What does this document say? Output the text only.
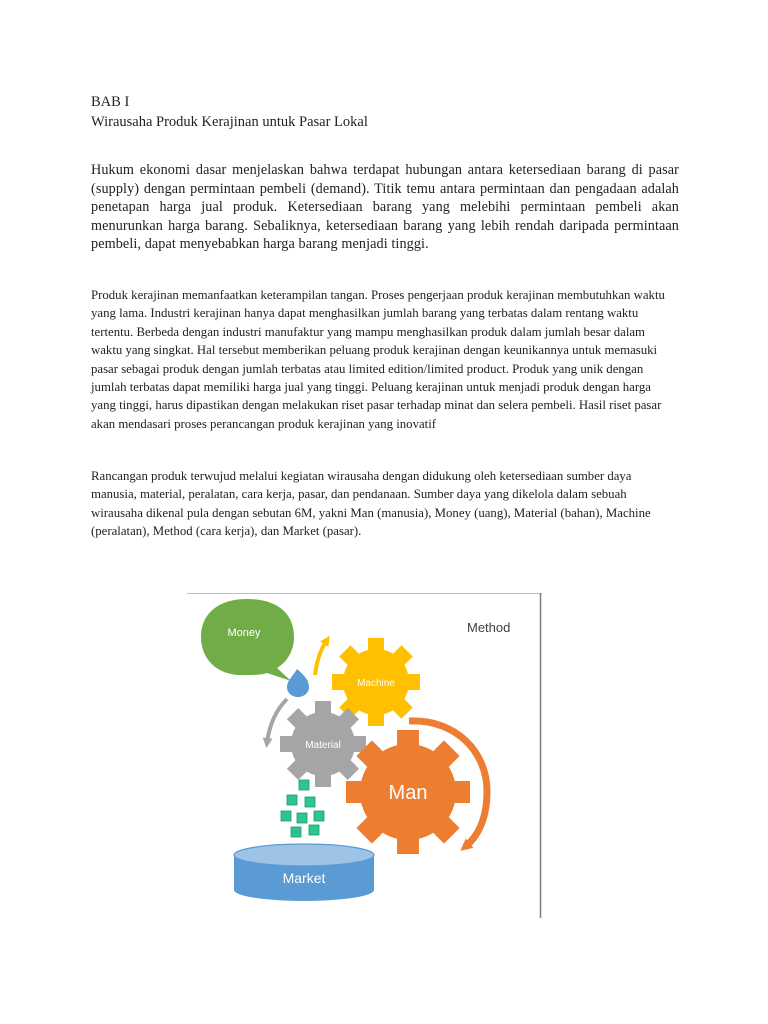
BAB I
Wirausaha Produk Kerajinan untuk Pasar Lokal

Hukum ekonomi dasar menjelaskan bahwa terdapat hubungan antara ketersediaan barang di pasar (supply) dengan permintaan pembeli (demand). Titik temu antara permintaan dan pengadaan adalah penetapan harga jual produk. Ketersediaan barang yang melebihi permintaan pembeli akan menurunkan harga barang. Sebaliknya, ketersediaan barang yang lebih rendah daripada permintaan pembeli, dapat menyebabkan harga barang menjadi tinggi.

Produk kerajinan memanfaatkan keterampilan tangan. Proses pengerjaan produk kerajinan membutuhkan waktu yang lama. Industri kerajinan hanya dapat menghasilkan jumlah barang yang terbatas dalam rentang waktu tertentu. Berbeda dengan industri manufaktur yang mampu menghasilkan produk dalam jumlah besar dalam waktu yang singkat. Hal tersebut memberikan peluang produk kerajinan dengan keunikannya untuk memasuki pasar sebagai produk dengan jumlah terbatas atau limited edition/limited product. Produk yang unik dengan jumlah terbatas dapat memiliki harga jual yang tinggi. Peluang kerajinan untuk menjadi produk dengan harga yang tinggi, harus dipastikan dengan melakukan riset pasar terhadap minat dan selera pembeli. Hasil riset pasar akan mendasari proses perancangan produk kerajinan yang inovatif

Rancangan produk terwujud melalui kegiatan wirausaha dengan didukung oleh ketersediaan sumber daya manusia, material, peralatan, cara kerja, pasar, dan pendanaan. Sumber daya yang dikelola dalam sebuah wirausaha dikenal pula dengan sebutan 6M, yakni Man (manusia), Money (uang), Material (bahan), Machine (peralatan), Method (cara kerja), dan Market (pasar).

Method
Money
Machine
Material
Man
Market
